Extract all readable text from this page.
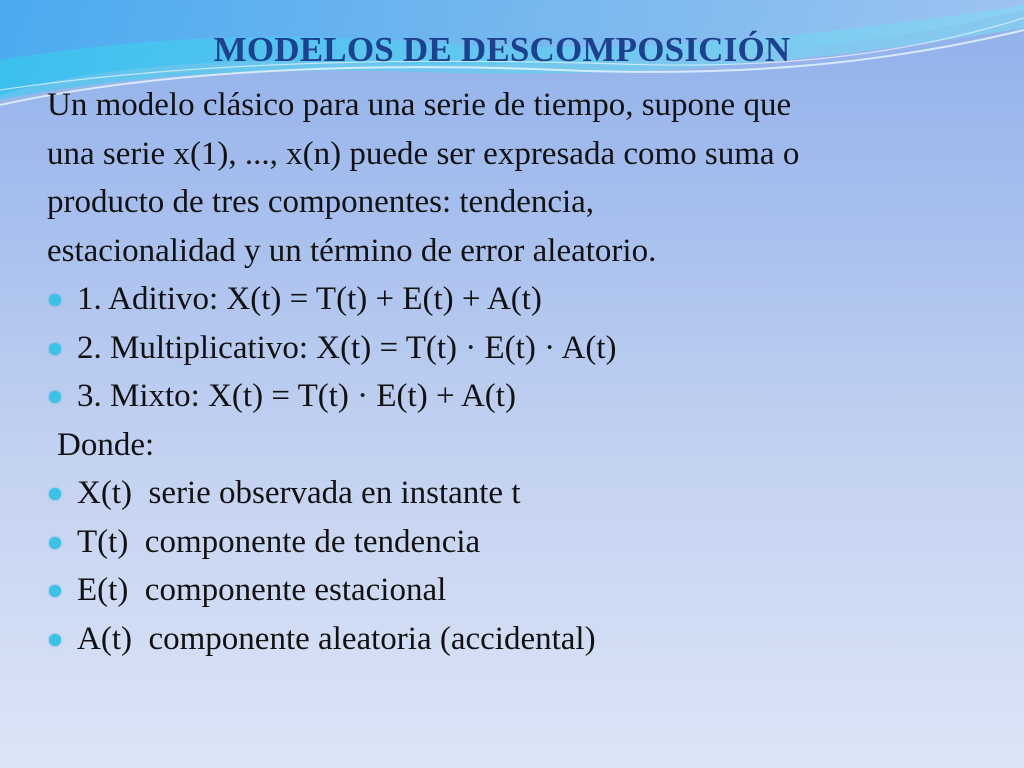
MODELOS DE DESCOMPOSICIÓN

Un modelo clásico para una serie de tiempo, supone que
una serie x(1), ..., x(n) puede ser expresada como suma o
producto de tres componentes: tendencia,
estacionalidad y un término de error aleatorio.

1. Aditivo: X(t) = T(t) + E(t) + A(t)
2. Multiplicativo: X(t) = T(t) · E(t) · A(t)
3. Mixto: X(t) = T(t) · E(t) + A(t)
Donde:
X(t)  serie observada en instante t
T(t)  componente de tendencia
E(t)  componente estacional
A(t)  componente aleatoria (accidental)
